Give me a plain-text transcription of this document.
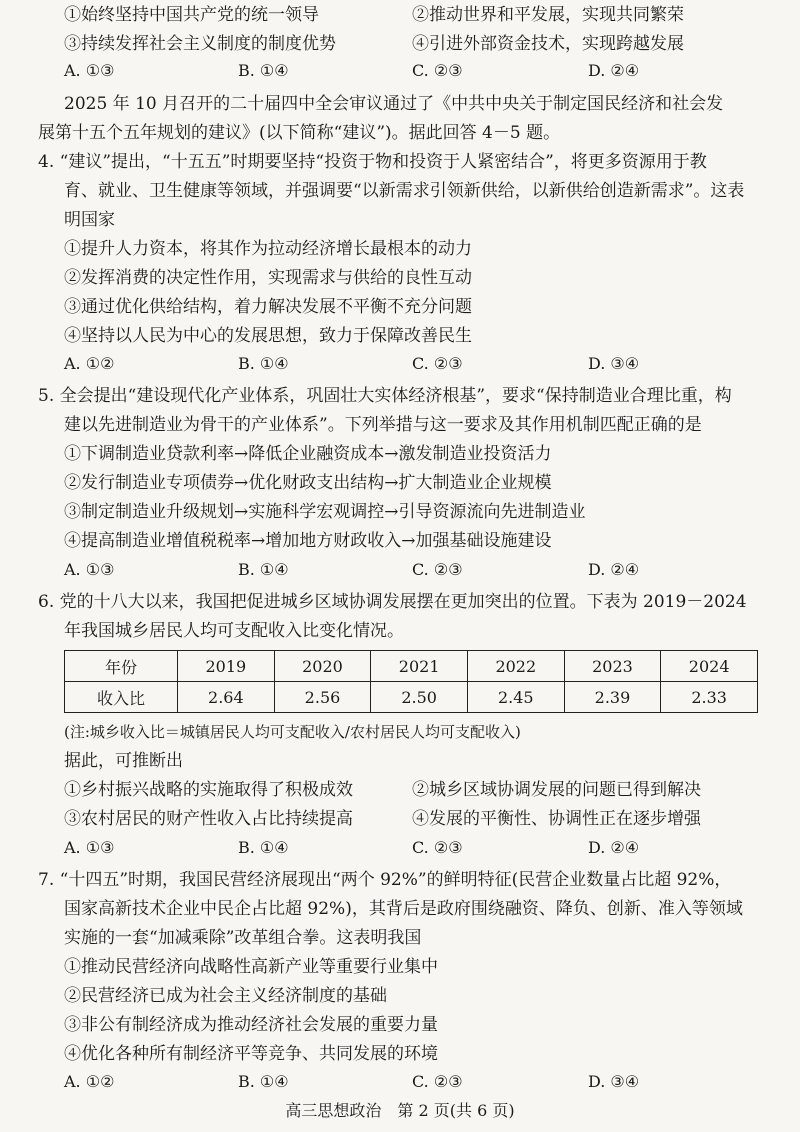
①始终坚持中国共产党的统一领导	②推动世界和平发展，实现共同繁荣
③持续发挥社会主义制度的制度优势	④引进外部资金技术，实现跨越发展
A. ①③	B. ①④	C. ②③	D. ②④
2025 年 10 月召开的二十届四中全会审议通过了《中共中央关于制定国民经济和社会发
展第十五个五年规划的建议》(以下简称“建议”)。据此回答 4－5 题。
4. “建议”提出，“十五五”时期要坚持“投资于物和投资于人紧密结合”，将更多资源用于教
育、就业、卫生健康等领域，并强调要“以新需求引领新供给，以新供给创造新需求”。这表
明国家
①提升人力资本，将其作为拉动经济增长最根本的动力
②发挥消费的决定性作用，实现需求与供给的良性互动
③通过优化供给结构，着力解决发展不平衡不充分问题
④坚持以人民为中心的发展思想，致力于保障改善民生
A. ①②	B. ①④	C. ②③	D. ③④
5. 全会提出“建设现代化产业体系，巩固壮大实体经济根基”，要求“保持制造业合理比重，构
建以先进制造业为骨干的产业体系”。下列举措与这一要求及其作用机制匹配正确的是
①下调制造业贷款利率→降低企业融资成本→激发制造业投资活力
②发行制造业专项债券→优化财政支出结构→扩大制造业企业规模
③制定制造业升级规划→实施科学宏观调控→引导资源流向先进制造业
④提高制造业增值税税率→增加地方财政收入→加强基础设施建设
A. ①③	B. ①④	C. ②③	D. ②④
6. 党的十八大以来，我国把促进城乡区域协调发展摆在更加突出的位置。下表为 2019－2024
年我国城乡居民人均可支配收入比变化情况。
年份	2019	2020	2021	2022	2023	2024
收入比	2.64	2.56	2.50	2.45	2.39	2.33
(注:城乡收入比＝城镇居民人均可支配收入/农村居民人均可支配收入)
据此，可推断出
①乡村振兴战略的实施取得了积极成效	②城乡区域协调发展的问题已得到解决
③农村居民的财产性收入占比持续提高	④发展的平衡性、协调性正在逐步增强
A. ①③	B. ①④	C. ②③	D. ②④
7. “十四五”时期，我国民营经济展现出“两个 92%”的鲜明特征(民营企业数量占比超 92%，
国家高新技术企业中民企占比超 92%)，其背后是政府围绕融资、降负、创新、准入等领域
实施的一套“加减乘除”改革组合拳。这表明我国
①推动民营经济向战略性高新产业等重要行业集中
②民营经济已成为社会主义经济制度的基础
③非公有制经济成为推动经济社会发展的重要力量
④优化各种所有制经济平等竞争、共同发展的环境
A. ①②	B. ①④	C. ②③	D. ③④
高三思想政治　第 2 页(共 6 页)
